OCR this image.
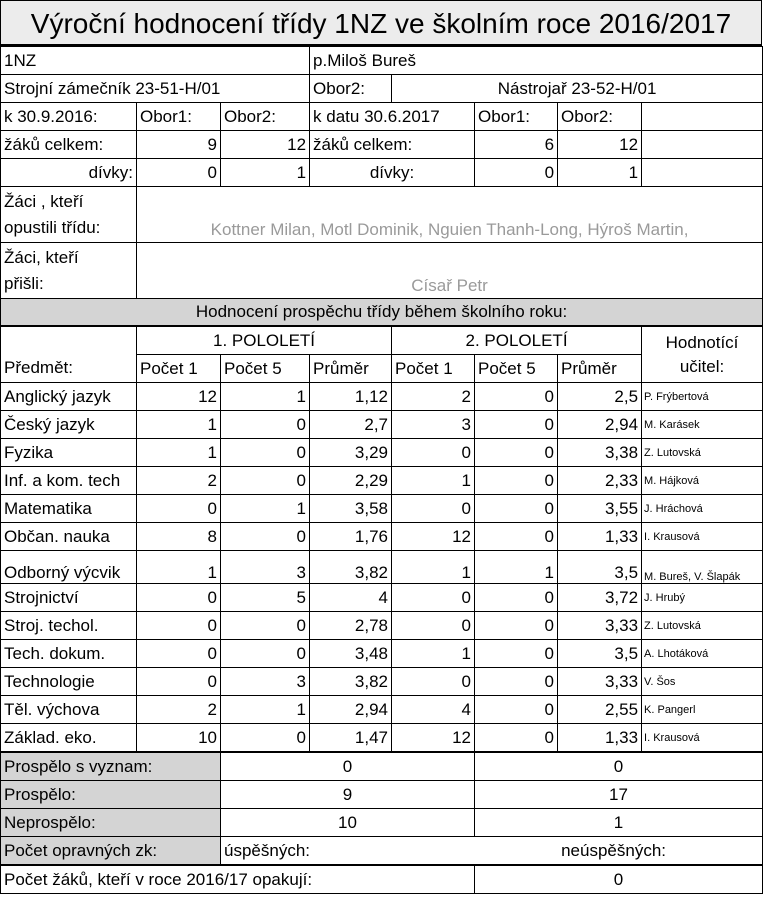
Výroční hodnocení třídy 1NZ ve školním roce 2016/2017
1NZ			p.Miloš Bureš				
Strojní zámečník 23-51-H/01			Obor2:	Nástrojař 23-52-H/01			
k 30.9.2016:	Obor1:	Obor2:	k datu 30.6.2017		Obor1:	Obor2:	
žáků celkem:	9	12	žáků celkem:		6	12	
dívky:	0	1	dívky:		0	1	
Žáci , kteří
opustili třídu:	Kottner Milan, Motl Dominik, Nguien Thanh-Long, Hýroš Martin,						
Žáci, kteří
přišli:	Císař Petr						
Hodnocení prospěchu třídy během školního roku:							
	1. POLOLETÍ			2. POLOLETÍ			Hodnotící
učitel:
Předmět:	Počet 1	Počet 5	Průměr	Počet 1	Počet 5	Průměr	
Anglický jazyk	12	1	1,12	2	0	2,5	P. Frýbertová
Český jazyk	1	0	2,7	3	0	2,94	M. Karásek
Fyzika	1	0	3,29	0	0	3,38	Z. Lutovská
Inf. a kom. tech	2	0	2,29	1	0	2,33	M. Hájková
Matematika	0	1	3,58	0	0	3,55	J. Hráchová
Občan. nauka	8	0	1,76	12	0	1,33	I. Krausová
Odborný výcvik	1	3	3,82	1	1	3,5	M. Bureš, V. Šlapák
Strojnictví	0	5	4	0	0	3,72	J. Hrubý
Stroj. techol.	0	0	2,78	0	0	3,33	Z. Lutovská
Tech. dokum.	0	0	3,48	1	0	3,5	A. Lhotáková
Technologie	0	3	3,82	0	0	3,33	V. Šos
Těl. výchova	2	1	2,94	4	0	2,55	K. Pangerl
Základ. eko.	10	0	1,47	12	0	1,33	I. Krausová
Prospělo s vyznam:	0	0
Prospělo:	9	17
Neprospělo:	10	1
Počet opravných zk:	úspěšných:	neúspěšných:
Počet žáků, kteří v roce 2016/17 opakují:	0
